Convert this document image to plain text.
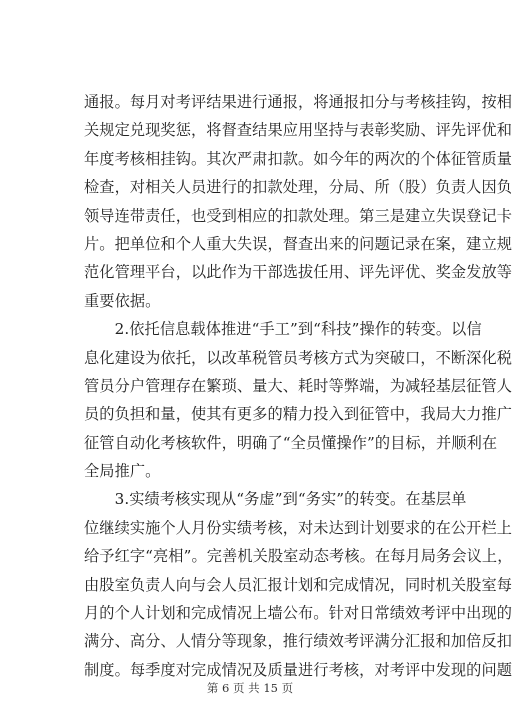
通报。每月对考评结果进行通报，将通报扣分与考核挂钩，按相
关规定兑现奖惩，将督查结果应用坚持与表彰奖励、评先评优和
年度考核相挂钩。其次严肃扣款。如今年的两次的个体征管质量
检查，对相关人员进行的扣款处理，分局、所（股）负责人因负
领导连带责任，也受到相应的扣款处理。第三是建立失误登记卡
片。把单位和个人重大失误，督查出来的问题记录在案，建立规
范化管理平台，以此作为干部选拔任用、评先评优、奖金发放等
重要依据。
　　2.依托信息载体推进“手工”到“科技”操作的转变。以信
息化建设为依托，以改革税管员考核方式为突破口，不断深化税
管员分户管理存在繁琐、量大、耗时等弊端，为减轻基层征管人
员的负担和量，使其有更多的精力投入到征管中，我局大力推广
征管自动化考核软件，明确了“全员懂操作”的目标，并顺利在
全局推广。
　　3.实绩考核实现从“务虚”到“务实”的转变。在基层单
位继续实施个人月份实绩考核，对未达到计划要求的在公开栏上
给予红字“亮相”。完善机关股室动态考核。在每月局务会议上，
由股室负责人向与会人员汇报计划和完成情况，同时机关股室每
月的个人计划和完成情况上墙公布。针对日常绩效考评中出现的
满分、高分、人情分等现象，推行绩效考评满分汇报和加倍反扣
制度。每季度对完成情况及质量进行考核，对考评中发现的问题
第 6 页 共 15 页
